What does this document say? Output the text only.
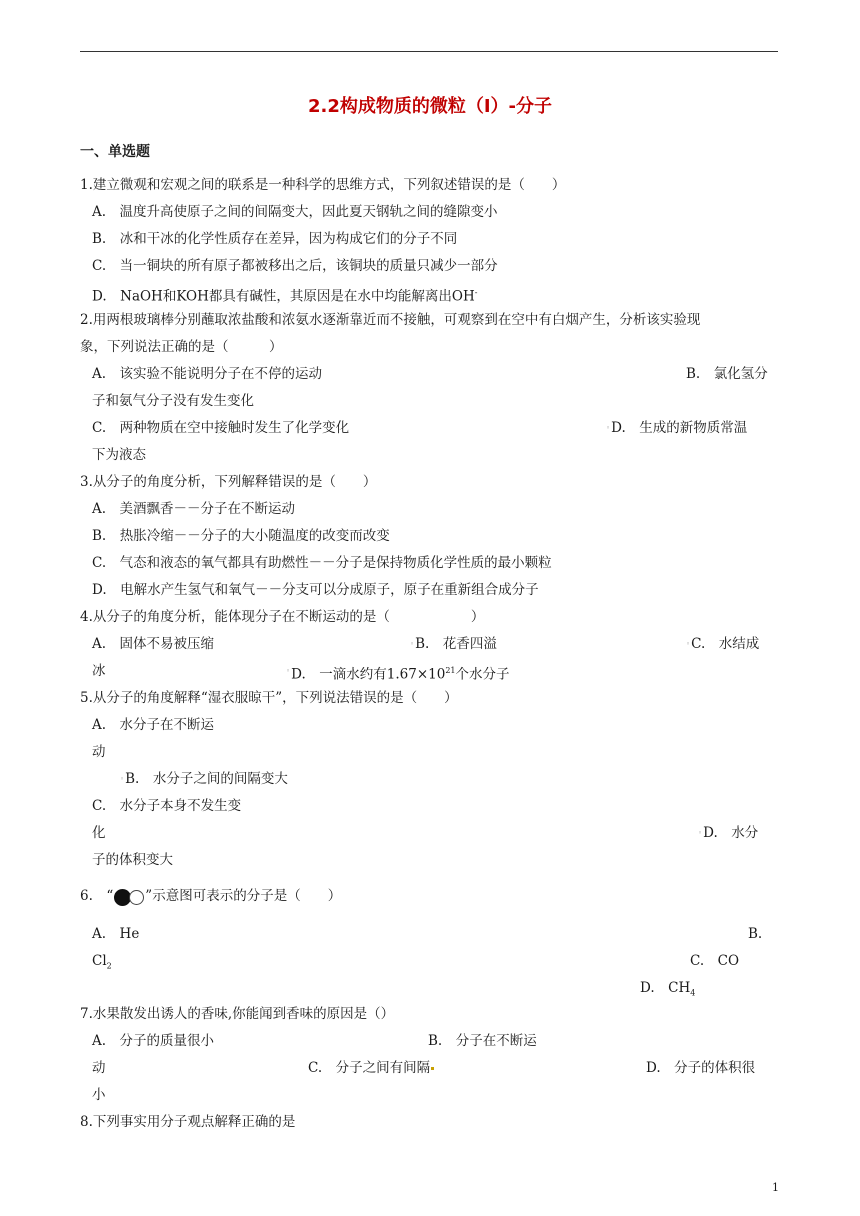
2.2构成物质的微粒（I）-分子
一、单选题
1.建立微观和宏观之间的联系是一种科学的思维方式，下列叙述错误的是（　　）
A.　温度升高使原子之间的间隔变大，因此夏天钢轨之间的缝隙变小
B.　冰和干冰的化学性质存在差异，因为构成它们的分子不同
C.　当一铜块的所有原子都被移出之后，该铜块的质量只减少一部分
D.　NaOH和KOH都具有碱性，其原因是在水中均能解离出OH-
2.用两根玻璃棒分别蘸取浓盐酸和浓氨水逐渐靠近而不接触，可观察到在空中有白烟产生，分析该实验现
象，下列说法正确的是（　　　）
A.　该实验不能说明分子在不停的运动	B.　氯化氢分
子和氨气分子没有发生变化
C.　两种物质在空中接触时发生了化学变化	◦D.　生成的新物质常温
下为液态
3.从分子的角度分析，下列解释错误的是（　　）
A.　美酒飘香－－分子在不断运动
B.　热胀冷缩－－分子的大小随温度的改变而改变
C.　气态和液态的氧气都具有助燃性－－分子是保持物质化学性质的最小颗粒
D.　电解水产生氢气和氧气－－分支可以分成原子，原子在重新组合成分子
4.从分子的角度分析，能体现分子在不断运动的是（　　　　　　）
A.　固体不易被压缩	◦B.　花香四溢	◦C.　水结成
冰	◦D.　一滴水约有$1.67\times 10^{21}$个水分子
5.从分子的角度解释“湿衣服晾干”，下列说法错误的是（　　）
A.　水分子在不断运
动
◦B.　水分子之间的间隔变大
C.　水分子本身不发生变
化	◦D.　水分
子的体积变大
6.　“ ”示意图可表示的分子是（　　）
A.　He	B.
$Cl_2$	C.　CO
D.　$CH_4$
7.水果散发出诱人的香味,你能闻到香味的原因是（）
A.　分子的质量很小	B.　分子在不断运
动	C.　分子之间有间隔	D.　分子的体积很
小
8.下列事实用分子观点解释正确的是
1
